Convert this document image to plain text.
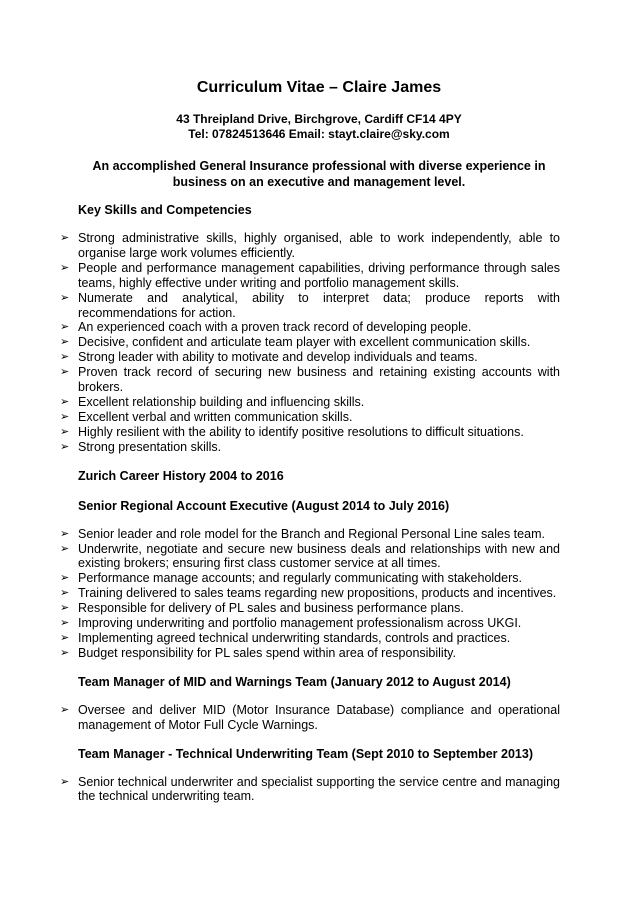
Curriculum Vitae – Claire James
43 Threipland Drive, Birchgrove, Cardiff CF14 4PY
Tel: 07824513646 Email: stayt.claire@sky.com
An accomplished General Insurance professional with diverse experience in
business on an executive and management level.
Key Skills and Competencies
➢ Strong administrative skills, highly organised, able to work independently, able to organise large work volumes efficiently.
➢ People and performance management capabilities, driving performance through sales teams, highly effective under writing and portfolio management skills.
➢ Numerate and analytical, ability to interpret data; produce reports with recommendations for action.
➢ An experienced coach with a proven track record of developing people.
➢ Decisive, confident and articulate team player with excellent communication skills.
➢ Strong leader with ability to motivate and develop individuals and teams.
➢ Proven track record of securing new business and retaining existing accounts with brokers.
➢ Excellent relationship building and influencing skills.
➢ Excellent verbal and written communication skills.
➢ Highly resilient with the ability to identify positive resolutions to difficult situations.
➢ Strong presentation skills.
Zurich Career History 2004 to 2016
Senior Regional Account Executive (August 2014 to July 2016)
➢ Senior leader and role model for the Branch and Regional Personal Line sales team.
➢ Underwrite, negotiate and secure new business deals and relationships with new and existing brokers; ensuring first class customer service at all times.
➢ Performance manage accounts; and regularly communicating with stakeholders.
➢ Training delivered to sales teams regarding new propositions, products and incentives.
➢ Responsible for delivery of PL sales and business performance plans.
➢ Improving underwriting and portfolio management professionalism across UKGI.
➢ Implementing agreed technical underwriting standards, controls and practices.
➢ Budget responsibility for PL sales spend within area of responsibility.
Team Manager of MID and Warnings Team (January 2012 to August 2014)
➢ Oversee and deliver MID (Motor Insurance Database) compliance and operational management of Motor Full Cycle Warnings.
Team Manager - Technical Underwriting Team (Sept 2010 to September 2013)
➢ Senior technical underwriter and specialist supporting the service centre and managing the technical underwriting team.
